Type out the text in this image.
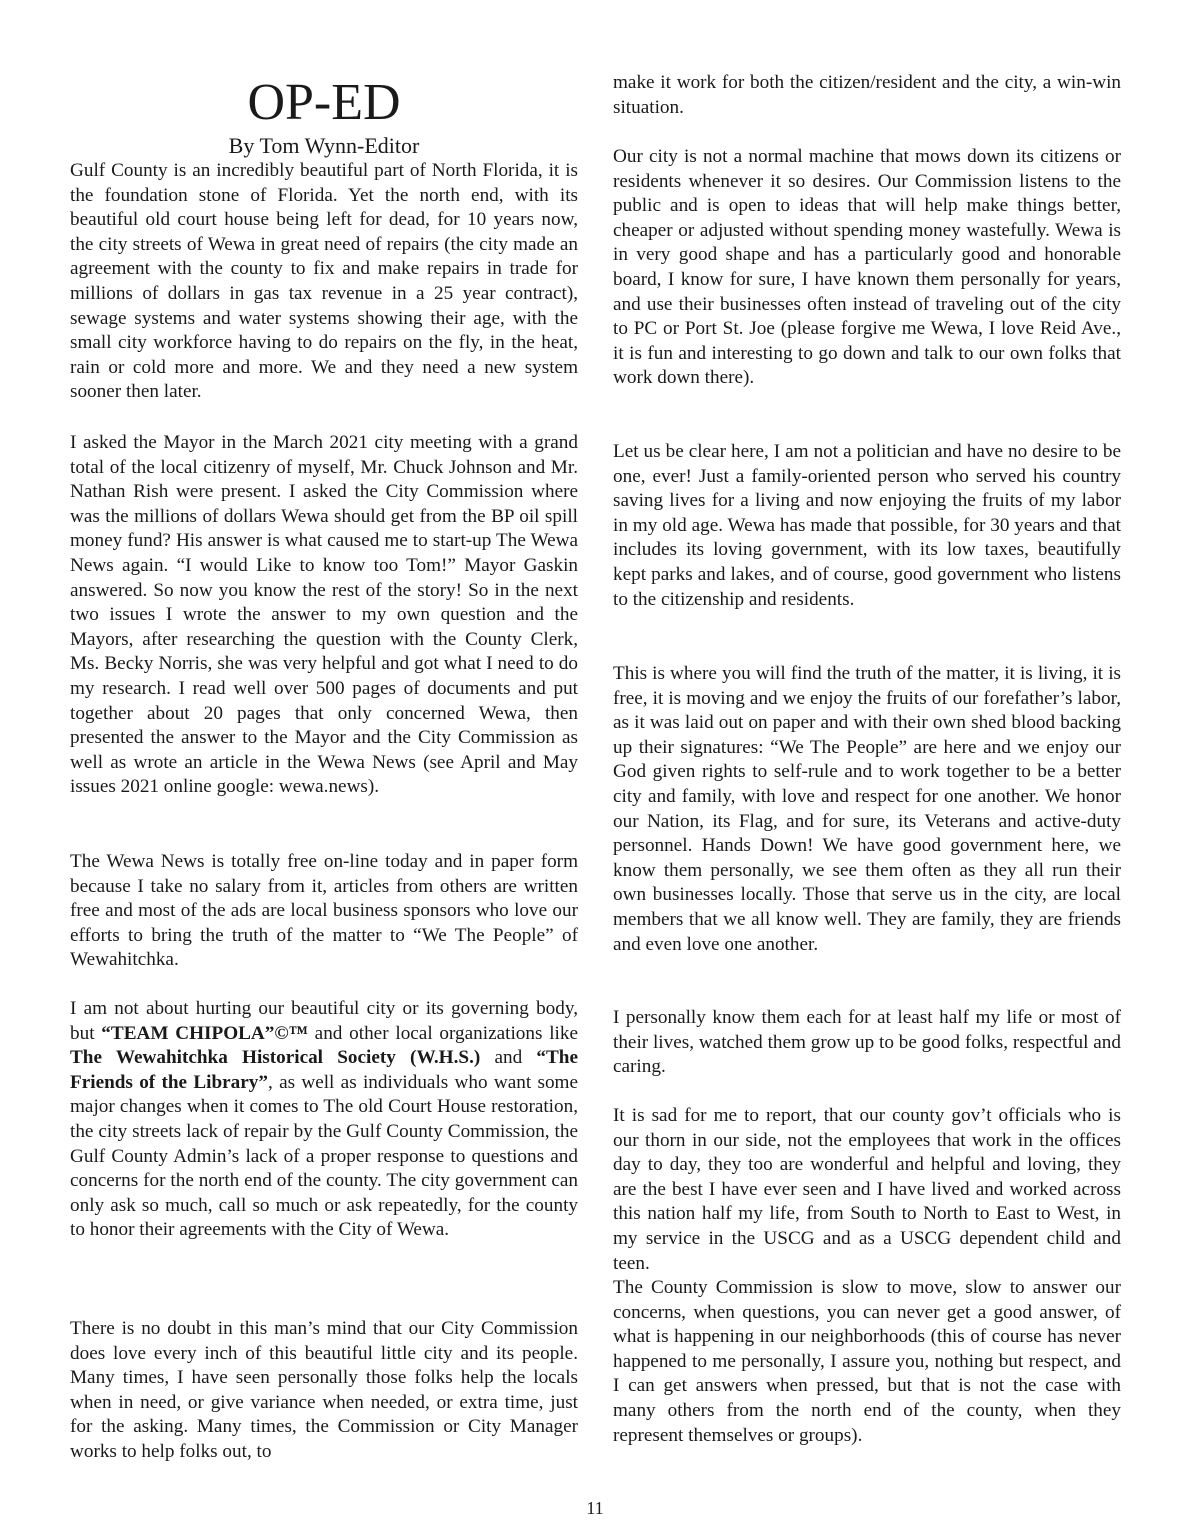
OP-ED
By Tom Wynn-Editor

Gulf County is an incredibly beautiful part of North Florida, it is the foundation stone of Florida. Yet the north end, with its beautiful old court house being left for dead, for 10 years now, the city streets of Wewa in great need of repairs (the city made an agreement with the county to fix and make repairs in trade for millions of dollars in gas tax revenue in a 25 year contract), sewage systems and water systems showing their age, with the small city workforce having to do repairs on the fly, in the heat, rain or cold more and more. We and they need a new system sooner then later.

I asked the Mayor in the March 2021 city meeting with a grand total of the local citizenry of myself, Mr. Chuck Johnson and Mr. Nathan Rish were present. I asked the City Commission where was the millions of dollars Wewa should get from the BP oil spill money fund? His answer is what caused me to start-up The Wewa News again. “I would Like to know too Tom!” Mayor Gaskin answered. So now you know the rest of the story! So in the next two issues I wrote the answer to my own question and the Mayors, after researching the question with the County Clerk, Ms. Becky Norris, she was very helpful and got what I need to do my research. I read well over 500 pages of documents and put together about 20 pages that only concerned Wewa, then presented the answer to the Mayor and the City Commission as well as wrote an article in the Wewa News (see April and May issues 2021 online google: wewa.news).

The Wewa News is totally free on-line today and in paper form because I take no salary from it, articles from others are written free and most of the ads are local business sponsors who love our efforts to bring the truth of the matter to “We The People” of Wewahitchka.

I am not about hurting our beautiful city or its governing body, but “TEAM CHIPOLA”©™ and other local organizations like The Wewahitchka Historical Society (W.H.S.) and “The Friends of the Library”, as well as individuals who want some major changes when it comes to The old Court House restoration, the city streets lack of repair by the Gulf County Commission, the Gulf County Admin’s lack of a proper response to questions and concerns for the north end of the county. The city government can only ask so much, call so much or ask repeatedly, for the county to honor their agreements with the City of Wewa.

There is no doubt in this man’s mind that our City Commission does love every inch of this beautiful little city and its people. Many times, I have seen personally those folks help the locals when in need, or give variance when needed, or extra time, just for the asking. Many times, the Commission or City Manager works to help folks out, to

make it work for both the citizen/resident and the city, a win-win situation.

Our city is not a normal machine that mows down its citizens or residents whenever it so desires. Our Commission listens to the public and is open to ideas that will help make things better, cheaper or adjusted without spending money wastefully. Wewa is in very good shape and has a particularly good and honorable board, I know for sure, I have known them personally for years, and use their businesses often instead of traveling out of the city to PC or Port St. Joe (please forgive me Wewa, I love Reid Ave., it is fun and interesting to go down and talk to our own folks that work down there).

Let us be clear here, I am not a politician and have no desire to be one, ever! Just a family-oriented person who served his country saving lives for a living and now enjoying the fruits of my labor in my old age. Wewa has made that possible, for 30 years and that includes its loving government, with its low taxes, beautifully kept parks and lakes, and of course, good government who listens to the citizenship and residents.

This is where you will find the truth of the matter, it is living, it is free, it is moving and we enjoy the fruits of our forefather’s labor, as it was laid out on paper and with their own shed blood backing up their signatures: “We The People” are here and we enjoy our God given rights to self-rule and to work together to be a better city and family, with love and respect for one another. We honor our Nation, its Flag, and for sure, its Veterans and active-duty personnel. Hands Down! We have good government here, we know them personally, we see them often as they all run their own businesses locally. Those that serve us in the city, are local members that we all know well. They are family, they are friends and even love one another.

I personally know them each for at least half my life or most of their lives, watched them grow up to be good folks, respectful and caring.

It is sad for me to report, that our county gov’t officials who is our thorn in our side, not the employees that work in the offices day to day, they too are wonderful and helpful and loving, they are the best I have ever seen and I have lived and worked across this nation half my life, from South to North to East to West, in my service in the USCG and as a USCG dependent child and teen.

The County Commission is slow to move, slow to answer our concerns, when questions, you can never get a good answer, of what is happening in our neighborhoods (this of course has never happened to me personally, I assure you, nothing but respect, and I can get answers when pressed, but that is not the case with many others from the north end of the county, when they represent themselves or groups).

11
